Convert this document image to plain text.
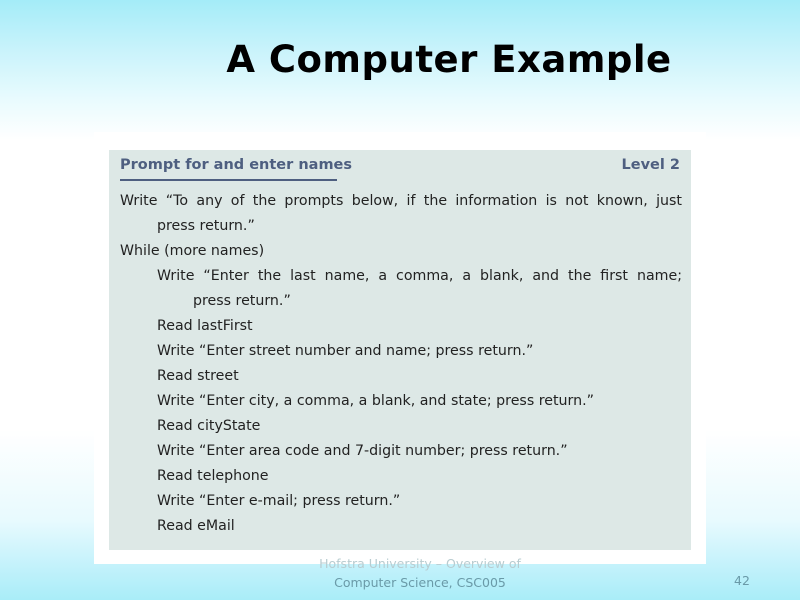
A Computer Example
Prompt for and enter names	Level 2
Write “To any of the prompts below, if the information is not known, just
press return.”
While (more names)
Write “Enter the last name, a comma, a blank, and the first name;
press return.”
Read lastFirst
Write “Enter street number and name; press return.”
Read street
Write “Enter city, a comma, a blank, and state; press return.”
Read cityState
Write “Enter area code and 7-digit number; press return.”
Read telephone
Write “Enter e-mail; press return.”
Read eMail
Hofstra University – Overview of
Computer Science, CSC005	42
